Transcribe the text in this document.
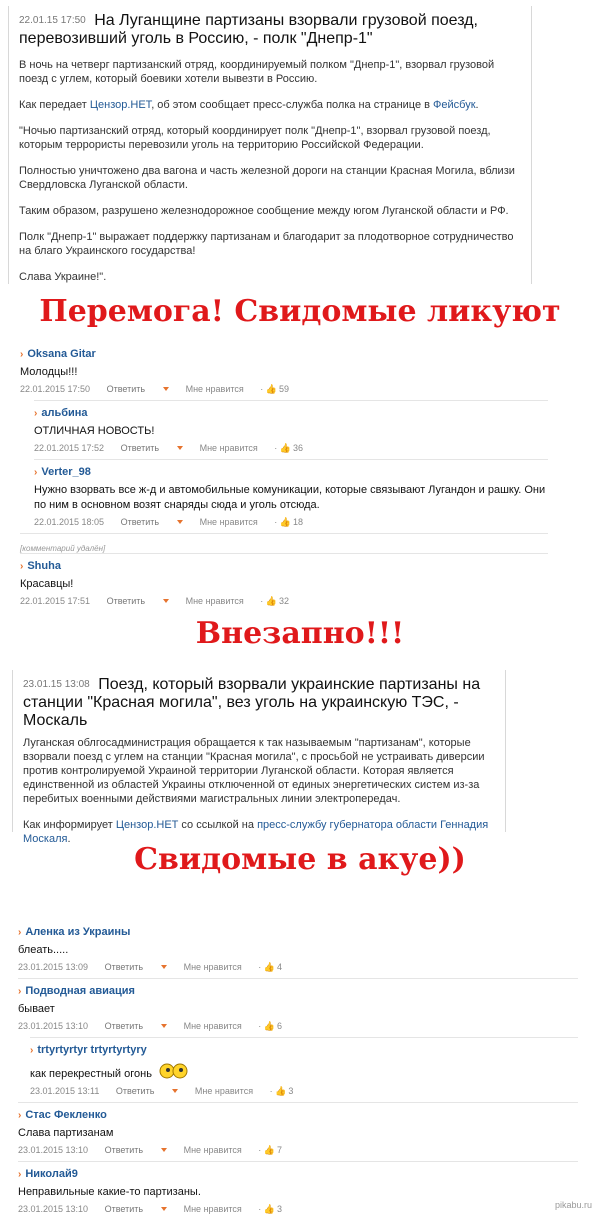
22.01.15 17:50 На Луганщине партизаны взорвали грузовой поезд, перевозивший уголь в Россию, - полк "Днепр-1"

В ночь на четверг партизанский отряд, координируемый полком "Днепр-1", взорвал грузовой поезд с углем, который боевики хотели вывезти в Россию.

Как передает Цензор.НЕТ, об этом сообщает пресс-служба полка на странице в Фейсбук.

"Ночью партизанский отряд, который координирует полк "Днепр-1", взорвал грузовой поезд, которым террористы перевозили уголь на территорию Российской Федерации.

Полностью уничтожено два вагона и часть железной дороги на станции Красная Могила, вблизи Свердловска Луганской области.

Таким образом, разрушено железнодорожное сообщение между югом Луганской области и РФ.

Полк "Днепр-1" выражает поддержку партизанам и благодарит за плодотворное сотрудничество на благо Украинского государства!

Слава Украине!".

Перемога! Свидомые ликуют
› Oksana Gitar
Молодцы!!!
22.01.2015 17:50 Ответить	Мне нравится · 👍 59
› альбина
ОТЛИЧНАЯ НОВОСТЬ!
22.01.2015 17:52 Ответить	Мне нравится · 👍 36
› Verter_98
Нужно взорвать все ж-д и автомобильные комуникации, которые связывают Лугандон и рашку. Они по ним в основном возят снаряды сюда и уголь отсюда.
22.01.2015 18:05 Ответить	Мне нравится · 👍 18
[комментарий удалён]
› Shuha
Красавцы!
22.01.2015 17:51 Ответить	Мне нравится · 👍 32
Внезапно!!!
23.01.15 13:08 Поезд, который взорвали украинские партизаны на станции "Красная могила", вез уголь на украинскую ТЭС, - Москаль

Луганская облгосадминистрация обращается к так называемым "партизанам", которые взорвали поезд с углем на станции "Красная могила", с просьбой не устраивать диверсии против контролируемой Украиной территории Луганской области. Которая является единственной из областей Украины отключенной от единых энергетических систем из-за перебитых военными действиями магистральных линии электропередач.

Как информирует Цензор.НЕТ со ссылкой на пресс-службу губернатора области Геннадия Москаля.

Свидомые в акуе))
› Аленка из Украины
блеать.....
23.01.2015 13:09 Ответить	Мне нравится · 👍 4
› Подводная авиация
бывает
23.01.2015 13:10 Ответить	Мне нравится · 👍 6
› trtyrtyrtyr trtyrtyrtyry
как перекрестный огонь
23.01.2015 13:11 Ответить	Мне нравится · 👍 3
› Стас Фекленко
Слава партизанам
23.01.2015 13:10 Ответить	Мне нравится · 👍 7
› Николай9
Неправильные какие-то партизаны.
23.01.2015 13:10 Ответить	Мне нравится · 👍 3	pikabu.ru
